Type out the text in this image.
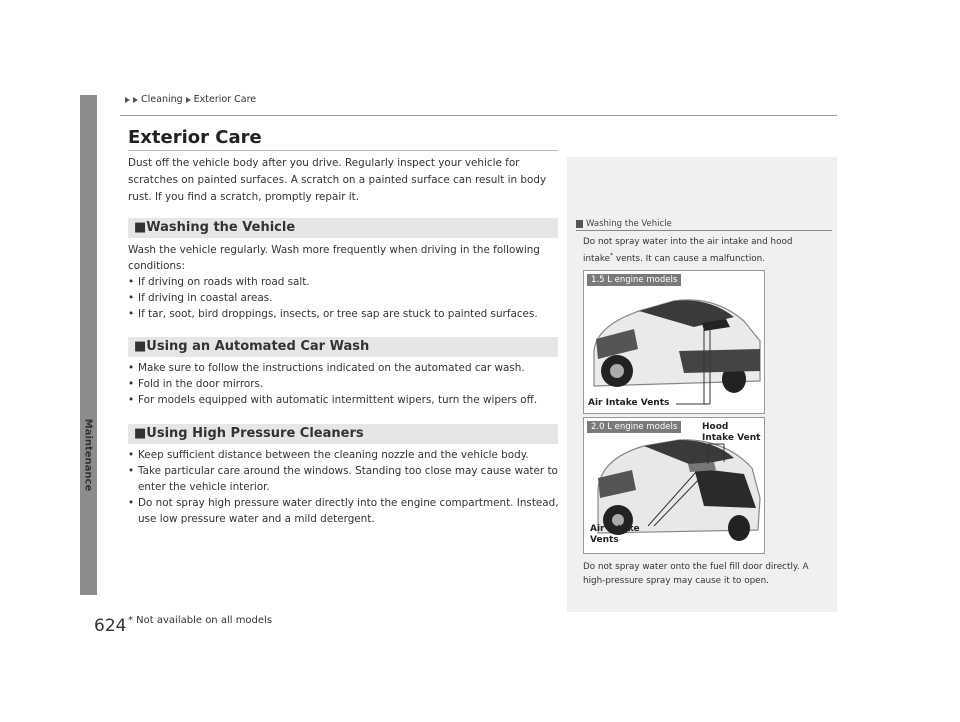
Maintenance
624
Cleaning Exterior Care
Exterior Care
Dust off the vehicle body after you drive. Regularly inspect your vehicle for scratches on painted surfaces. A scratch on a painted surface can result in body rust. If you find a scratch, promptly repair it.
■Washing the Vehicle
Wash the vehicle regularly. Wash more frequently when driving in the following conditions:
• If driving on roads with road salt.
• If driving in coastal areas.
• If tar, soot, bird droppings, insects, or tree sap are stuck to painted surfaces.
■Using an Automated Car Wash
• Make sure to follow the instructions indicated on the automated car wash.
• Fold in the door mirrors.
• For models equipped with automatic intermittent wipers, turn the wipers off.
■Using High Pressure Cleaners
• Keep sufficient distance between the cleaning nozzle and the vehicle body.
• Take particular care around the windows. Standing too close may cause water to enter the vehicle interior.
• Do not spray high pressure water directly into the engine compartment. Instead, use low pressure water and a mild detergent.
Washing the Vehicle
Do not spray water into the air intake and hood intake* vents. It can cause a malfunction.
1.5 L engine models
Air Intake Vents
2.0 L engine models	Hood
Intake Vent
Air Intake
Vents
Do not spray water onto the fuel fill door directly. A high-pressure spray may cause it to open.
* Not available on all models
